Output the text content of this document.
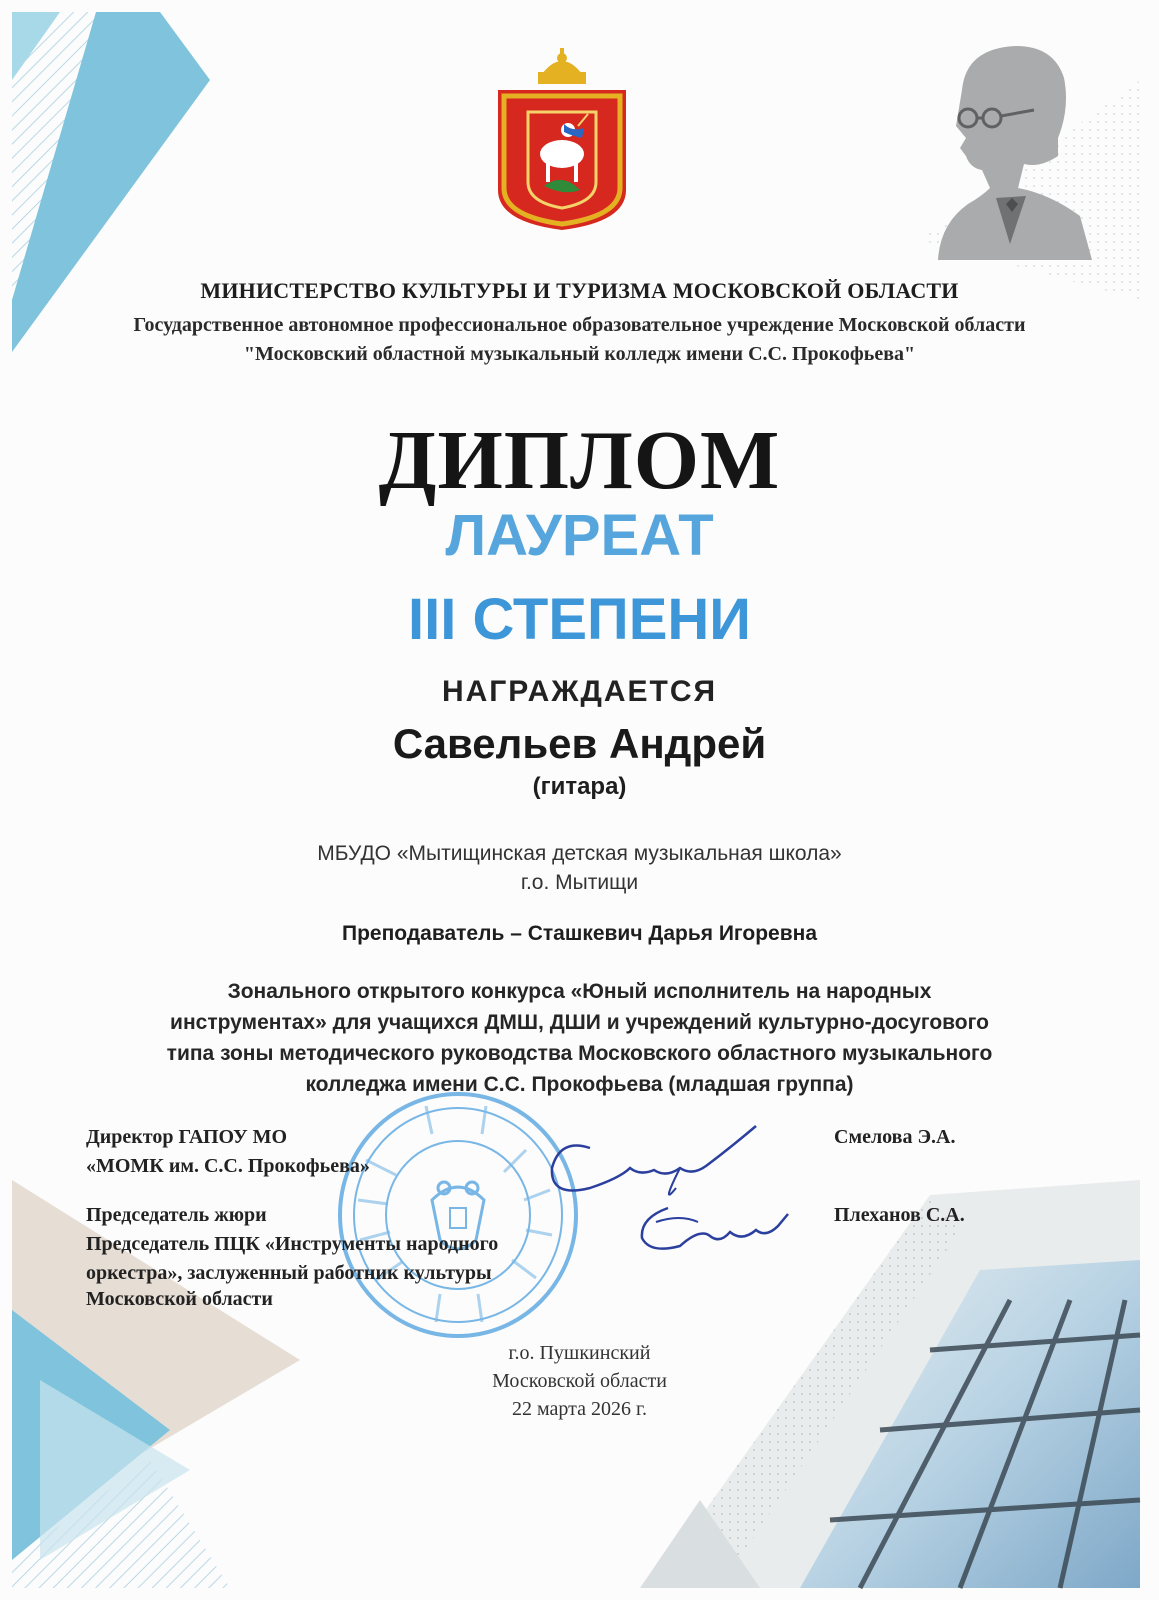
МИНИСТЕРСТВО КУЛЬТУРЫ И ТУРИЗМА МОСКОВСКОЙ ОБЛАСТИ
Государственное автономное профессиональное образовательное учреждение Московской области
"Московский областной музыкальный колледж имени С.С. Прокофьева"
ДИПЛОМ
ЛАУРЕАТ
III СТЕПЕНИ
НАГРАЖДАЕТСЯ
Савельев Андрей
(гитара)
МБУДО «Мытищинская детская музыкальная школа»
г.о. Мытищи
Преподаватель – Сташкевич Дарья Игоревна
Зонального открытого конкурса «Юный исполнитель на народных
инструментах» для учащихся ДМШ, ДШИ и учреждений культурно-досугового
типа зоны методического руководства Московского областного музыкального
колледжа имени С.С. Прокофьева (младшая группа)
Директор ГАПОУ МО
«МОМК им. С.С. Прокофьева»
Смелова Э.А.
Председатель жюри
Председатель ПЦК «Инструменты народного
оркестра», заслуженный работник культуры
Московской области
Плеханов С.А.
г.о. Пушкинский
Московской области
22 марта 2026 г.
